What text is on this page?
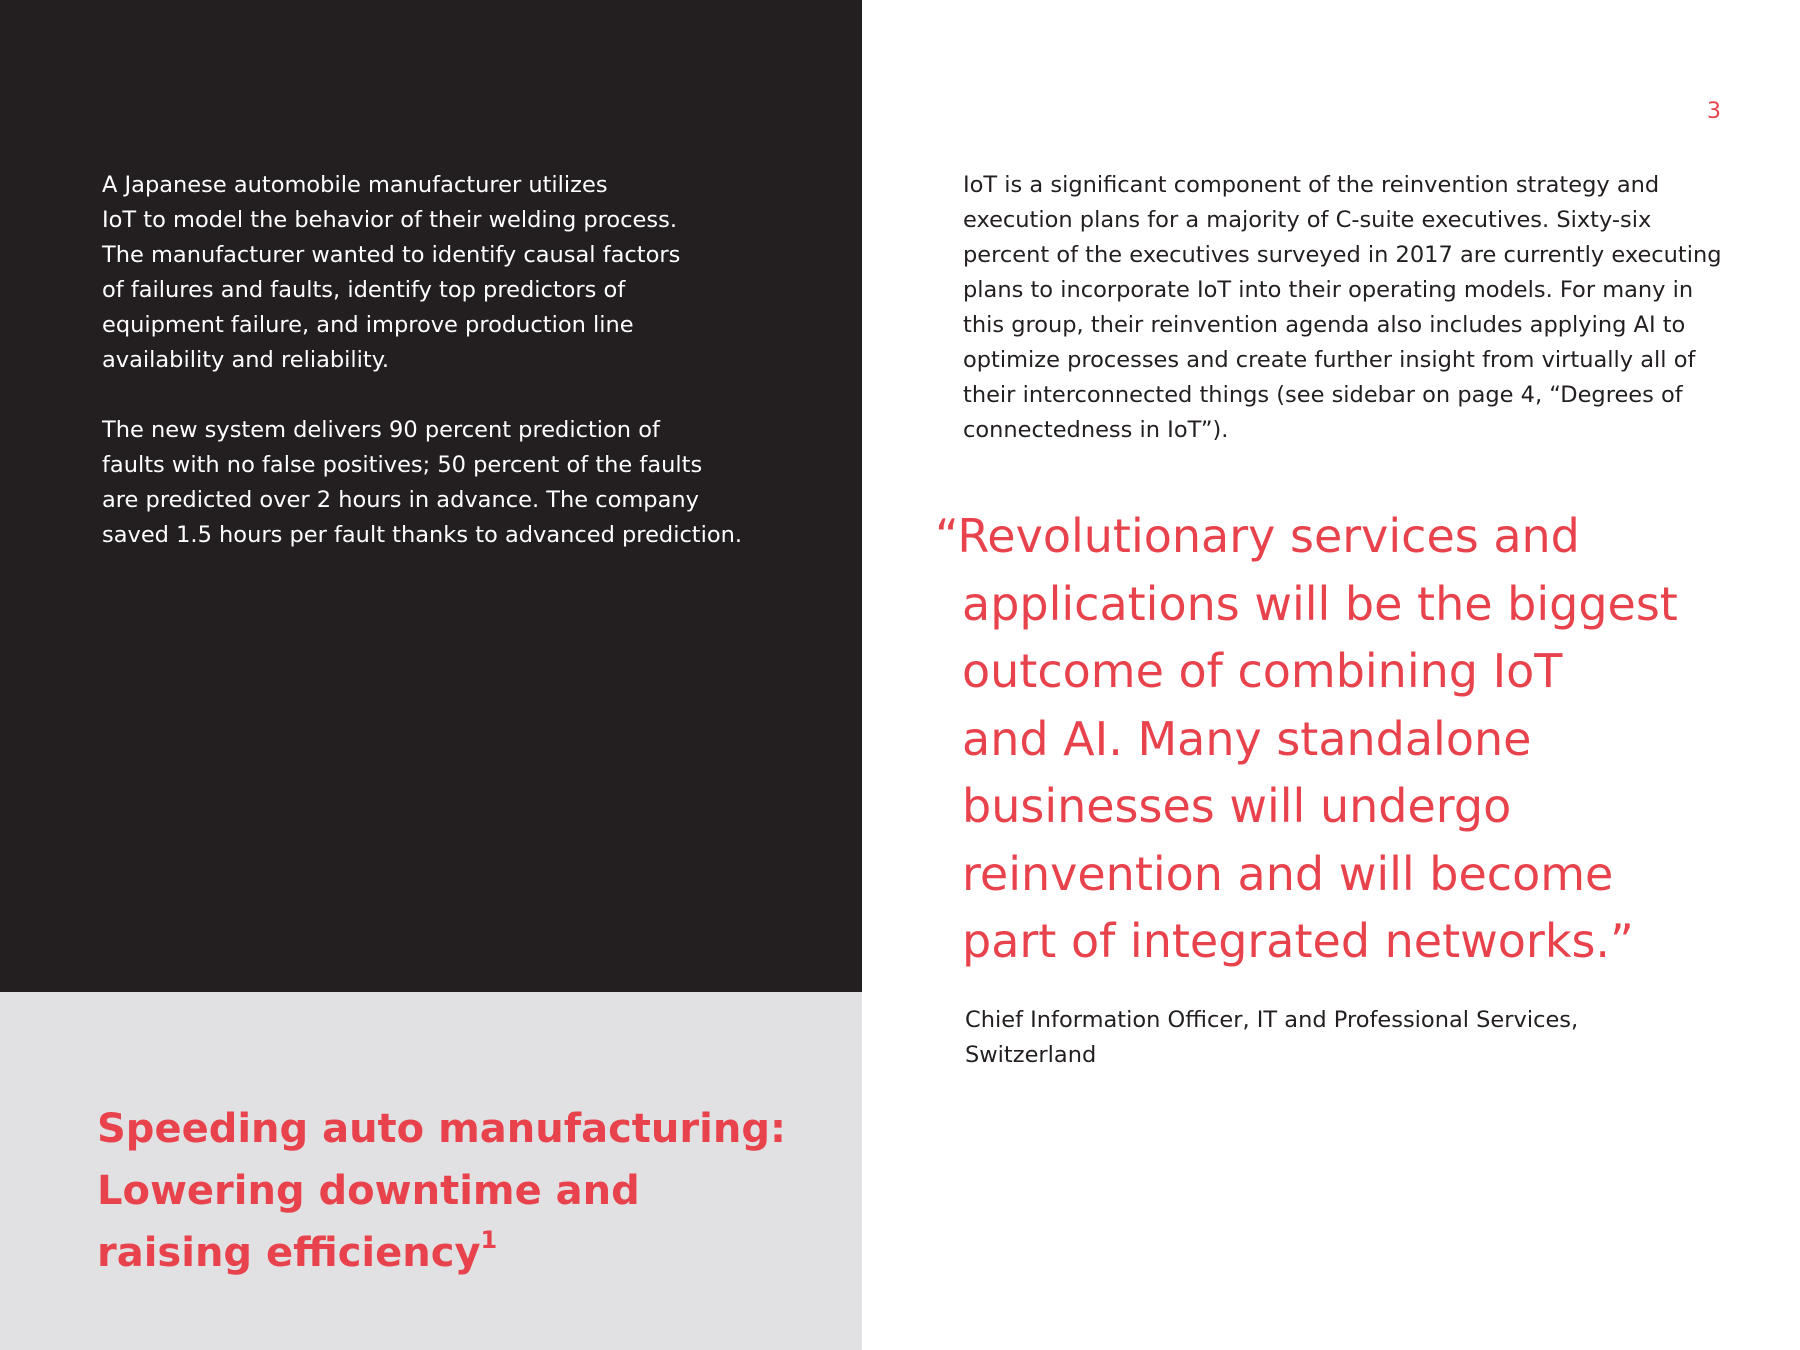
3

A Japanese automobile manufacturer utilizes
IoT to model the behavior of their welding process.
The manufacturer wanted to identify causal factors
of failures and faults, identify top predictors of
equipment failure, and improve production line
availability and reliability.
The new system delivers 90 percent prediction of
faults with no false positives; 50 percent of the faults
are predicted over 2 hours in advance. The company
saved 1.5 hours per fault thanks to advanced prediction.
Speeding auto manufacturing:
Lowering downtime and
raising efficiency$^1$
IoT is a significant component of the reinvention strategy and
execution plans for a majority of C-suite executives. Sixty-six
percent of the executives surveyed in 2017 are currently executing
plans to incorporate IoT into their operating models. For many in
this group, their reinvention agenda also includes applying AI to
optimize processes and create further insight from virtually all of
their interconnected things (see sidebar on page 4, “Degrees of
connectedness in IoT”).
“Revolutionary services and
applications will be the biggest
outcome of combining IoT
and AI. Many standalone
businesses will undergo
reinvention and will become
part of integrated networks.”
Chief Information Officer, IT and Professional Services,
Switzerland
